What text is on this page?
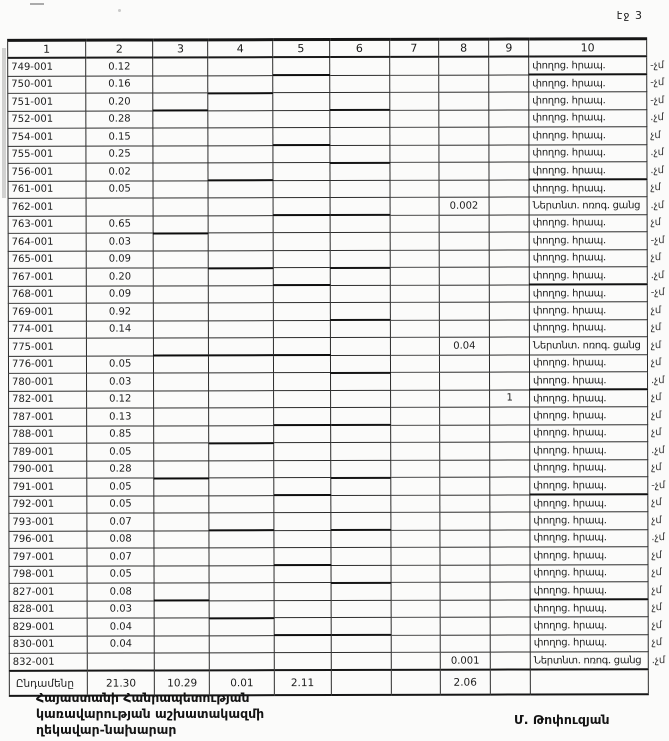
էջ 3
1	2	3	4	5	6	7	8	9	10	
749-001	0.12								փողոց. հրապ.	-չմ
750-001	0.16								փողոց. հրապ.	-չմ
751-001	0.20								փողոց. հրապ.	-չմ
752-001	0.28								փողոց. հրապ.	.չմ
754-001	0.15								փողոց. հրապ.	չմ
755-001	0.25								փողոց. հրապ.	.չմ
756-001	0.02								փողոց. հրապ.	.չմ
761-001	0.05								փողոց. հրապ.	չմ
762-001							0.002		Ներտնտ. ոռոգ. ցանց	.չմ
763-001	0.65								փողոց. հրապ.	չմ
764-001	0.03								փողոց. հրապ.	-չմ
765-001	0.09								փողոց. հրապ.	չմ
767-001	0.20								փողոց. հրապ.	.չմ
768-001	0.09								փողոց. հրապ.	-չմ
769-001	0.92								փողոց. հրապ.	չմ
774-001	0.14								փողոց. հրապ.	չմ
775-001							0.04		Ներտնտ. ոռոգ. ցանց	չմ
776-001	0.05								փողոց. հրապ.	չմ
780-001	0.03								փողոց. հրապ.	.չմ
782-001	0.12							1	փողոց. հրապ.	չմ
787-001	0.13								փողոց. հրապ.	չմ
788-001	0.85								փողոց. հրապ.	չմ
789-001	0.05								փողոց. հրապ.	.չմ
790-001	0.28								փողոց. հրապ.	չմ
791-001	0.05								փողոց. հրապ.	-չմ
792-001	0.05								փողոց. հրապ.	չմ
793-001	0.07								փողոց. հրապ.	չմ
796-001	0.08								փողոց. հրապ.	.չմ
797-001	0.07								փողոց. հրապ.	չմ
798-001	0.05								փողոց. հրապ.	չմ
827-001	0.08								փողոց. հրապ.	չմ
828-001	0.03								փողոց. հրապ.	չմ
829-001	0.04								փողոց. հրապ.	չմ
830-001	0.04								փողոց. հրապ.	չմ
832-001							0.001		Ներտնտ. ոռոգ. ցանց	.չմ
Ընդամենը	21.30	10.29	0.01	2.11			2.06			
Հայաստանի Հանրապետության
կառավարության աշխատակազմի
ղեկավար-նախարար
Մ. Թոփուզյան
